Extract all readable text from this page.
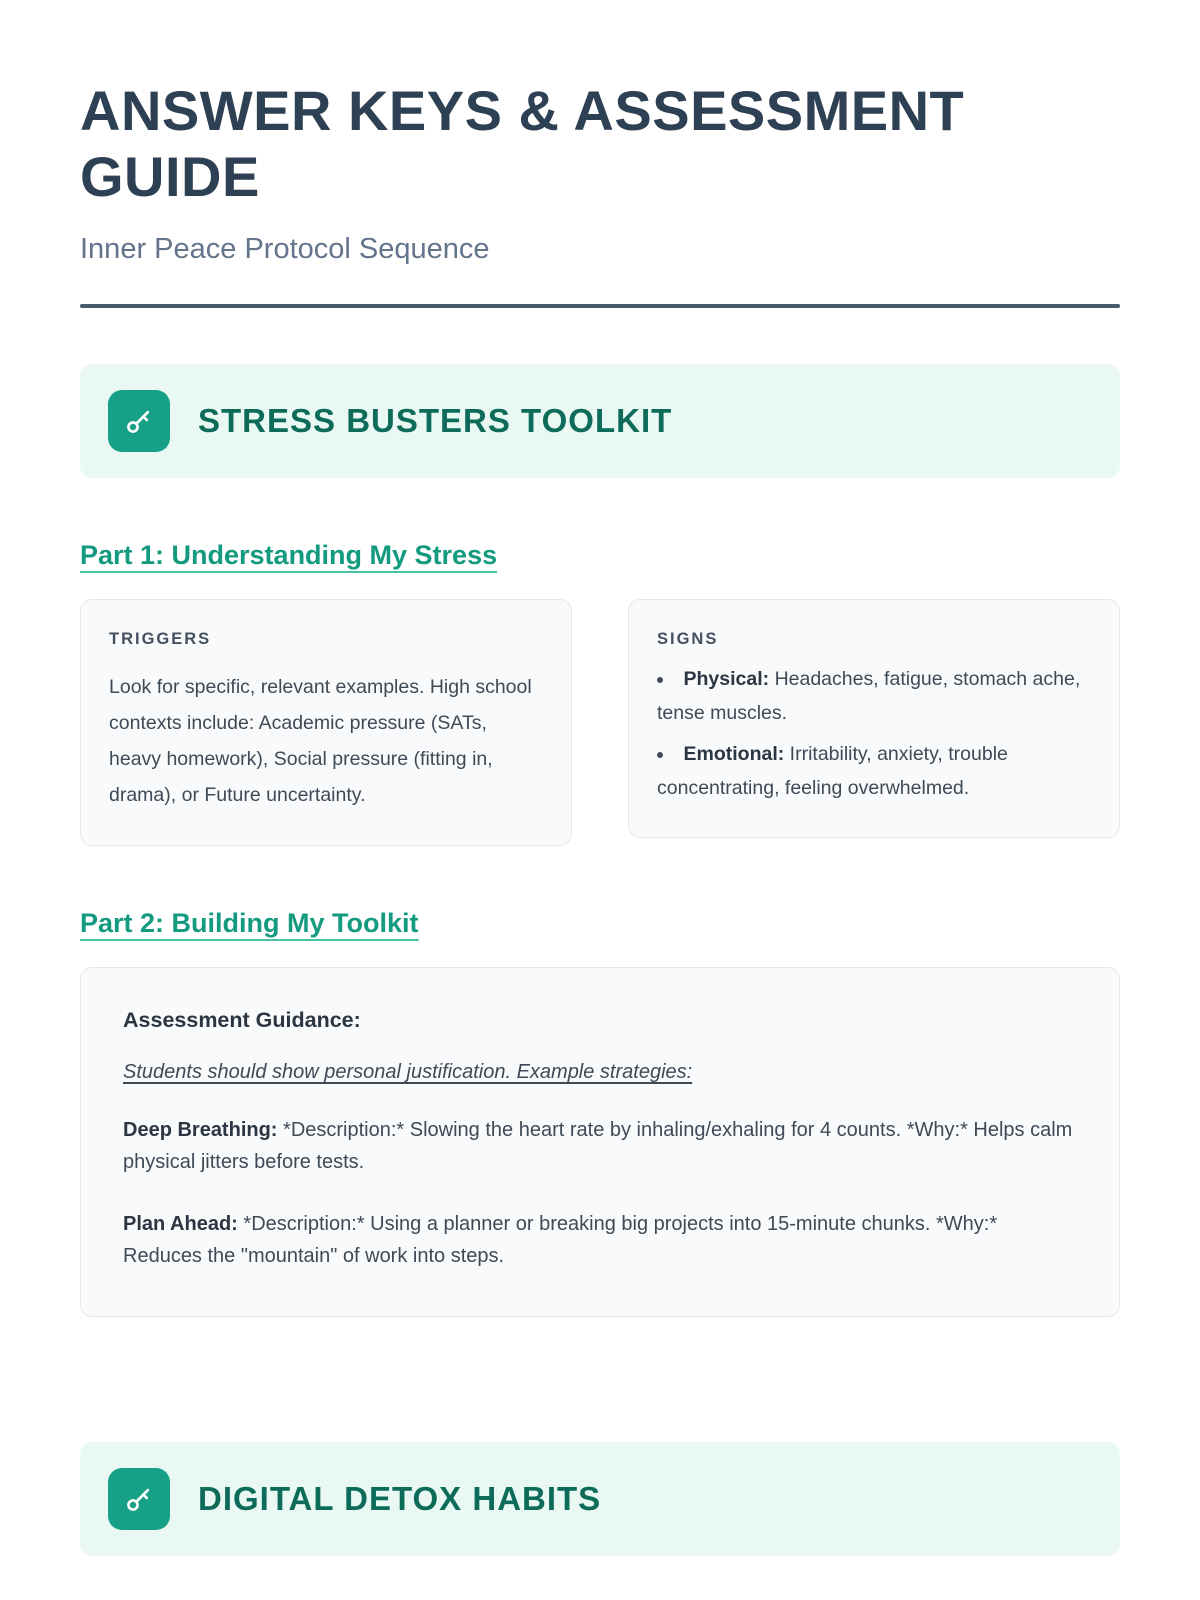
ANSWER KEYS & ASSESSMENT GUIDE

Inner Peace Protocol Sequence

STRESS BUSTERS TOOLKIT
Part 1: Understanding My Stress

TRIGGERS

Look for specific, relevant examples. High school contexts include: Academic pressure (SATs, heavy homework), Social pressure (fitting in, drama), or Future uncertainty.

SIGNS

• Physical: Headaches, fatigue, stomach ache, tense muscles.
• Emotional: Irritability, anxiety, trouble concentrating, feeling overwhelmed.
Part 2: Building My Toolkit

Assessment Guidance:

Students should show personal justification. Example strategies:

Deep Breathing: *Description:* Slowing the heart rate by inhaling/exhaling for 4 counts. *Why:* Helps calm physical jitters before tests.

Plan Ahead: *Description:* Using a planner or breaking big projects into 15-minute chunks. *Why:* Reduces the "mountain" of work into steps.

DIGITAL DETOX HABITS
